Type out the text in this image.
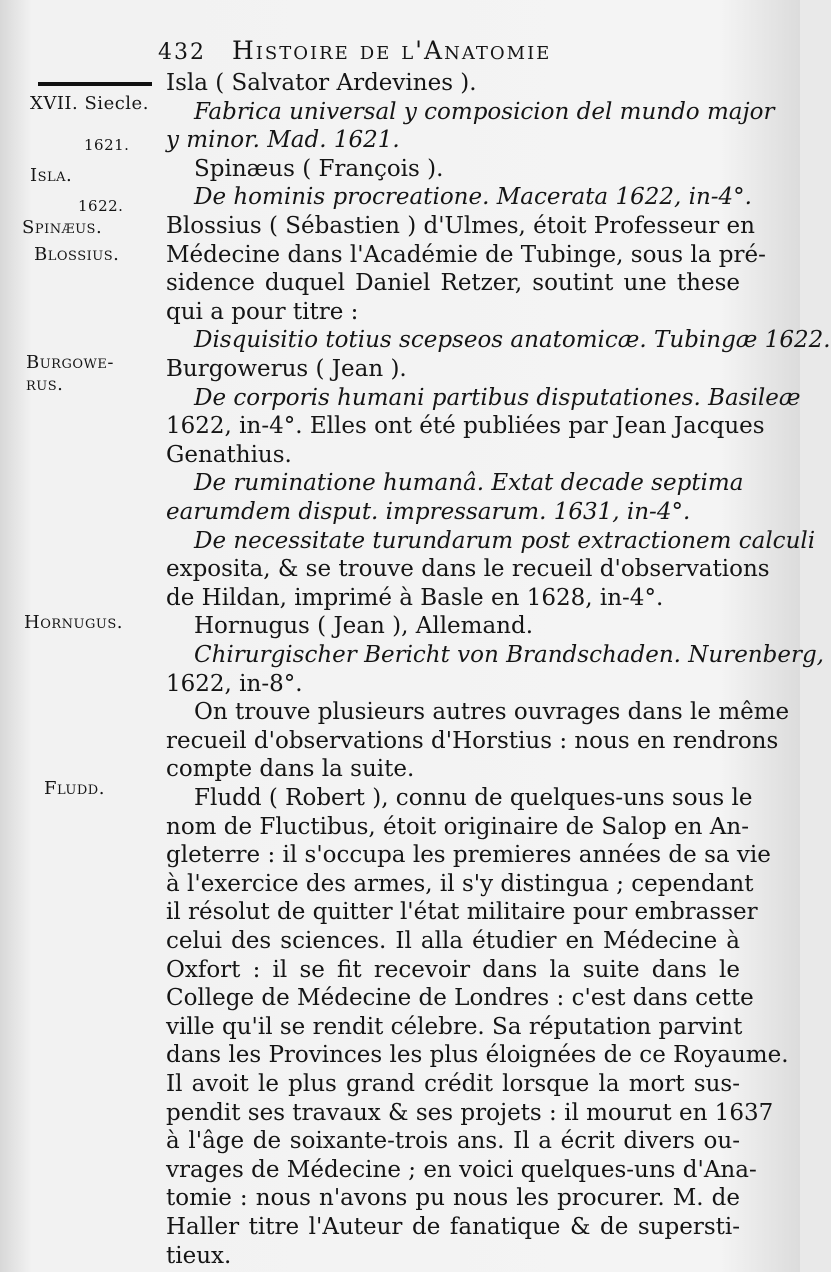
432 Histoire de l'Anatomie
XVII. Siecle.
1621.
Isla.
1622.
Spinæus.
Blossius.
Burgowe-rus.
Hornugus.
Fludd.
Isla ( Salvator Ardevines ).
Fabrica universal y composicion del mundo major
y minor. Mad. 1621.
Spinæus ( François ).
De hominis procreatione. Macerata 1622, in-4°.
Blossius ( Sébastien ) d'Ulmes, étoit Professeur en
Médecine dans l'Académie de Tubinge, sous la pré-
sidence duquel Daniel Retzer, soutint une these
qui a pour titre :
Disquisitio totius scepseos anatomicæ. Tubingæ 1622.
Burgowerus ( Jean ).
De corporis humani partibus disputationes. Basileæ
1622, in-4°. Elles ont été publiées par Jean Jacques
Genathius.
De ruminatione humanâ. Extat decade septima
earumdem disput. impressarum. 1631, in-4°.
De necessitate turundarum post extractionem calculi
exposita, & se trouve dans le recueil d'observations
de Hildan, imprimé à Basle en 1628, in-4°.
Hornugus ( Jean ), Allemand.
Chirurgischer Bericht von Brandschaden. Nurenberg,
1622, in-8°.
On trouve plusieurs autres ouvrages dans le même
recueil d'observations d'Horstius : nous en rendrons
compte dans la suite.
Fludd ( Robert ), connu de quelques-uns sous le
nom de Fluctibus, étoit originaire de Salop en An-
gleterre : il s'occupa les premieres années de sa vie
à l'exercice des armes, il s'y distingua ; cependant
il résolut de quitter l'état militaire pour embrasser
celui des sciences. Il alla étudier en Médecine à
Oxfort : il se fit recevoir dans la suite dans le
College de Médecine de Londres : c'est dans cette
ville qu'il se rendit célebre. Sa réputation parvint
dans les Provinces les plus éloignées de ce Royaume.
Il avoit le plus grand crédit lorsque la mort sus-
pendit ses travaux & ses projets : il mourut en 1637
à l'âge de soixante-trois ans. Il a écrit divers ou-
vrages de Médecine ; en voici quelques-uns d'Ana-
tomie : nous n'avons pu nous les procurer. M. de
Haller titre l'Auteur de fanatique & de supersti-
tieux.
